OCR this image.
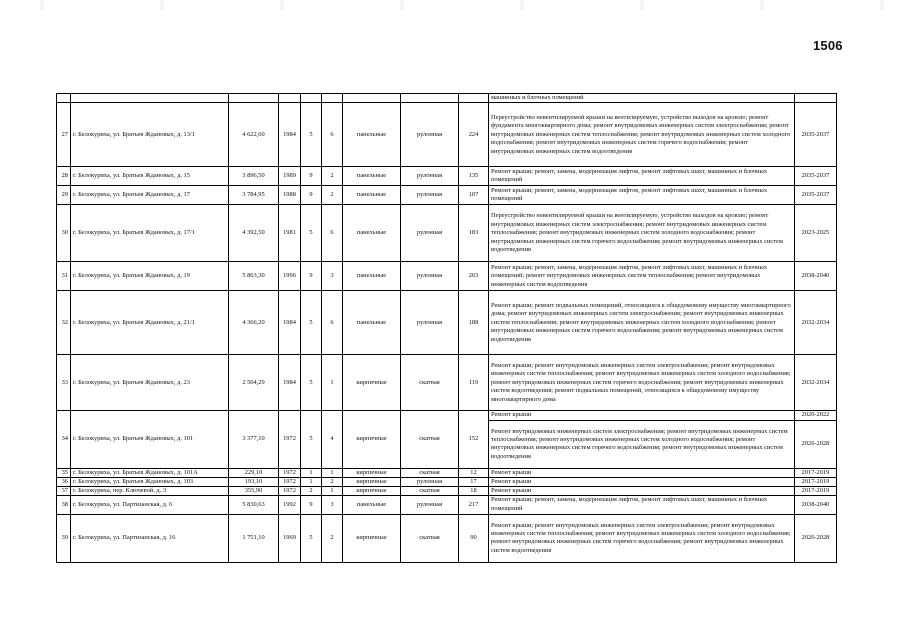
1506
									машинных и блочных помещений	
27	г. Белокуриха, ул. Братьев Ждановых, д. 13/1	4 622,60	1984	5	6	панельные	рулонная	224	Переустройство невентилируемой крыши на вентилируемую, устройство выходов на кровлю; ремонт фундамента многоквартирного дома; ремонт внутридомовых инженерных систем электроснабжения; ремонт внутридомовых инженерных систем теплоснабжения; ремонт внутридомовых инженерных систем холодного водоснабжения; ремонт внутридомовых инженерных систем горячего водоснабжения; ремонт внутридомовых инженерных систем водоотведения	2035-2037
28	г. Белокуриха, ул. Братьев Ждановых, д. 15	3 896,50	1989	9	2	панельные	рулонная	135	Ремонт крыши; ремонт, замена, модернизация лифтов, ремонт лифтовых шахт, машинных и блочных помещений	2035-2037
29	г. Белокуриха, ул. Братьев Ждановых, д. 17	3 784,95	1988	9	2	панельные	рулонная	107	Ремонт крыши; ремонт, замена, модернизация лифтов, ремонт лифтовых шахт, машинных и блочных помещений	2035-2037
30	г. Белокуриха, ул. Братьев Ждановых, д. 17/1	4 392,50	1981	5	6	панельные	рулонная	183	Переустройство невентилируемой крыши на вентилируемую, устройство выходов на кровлю; ремонт внутридомовых инженерных систем электроснабжения; ремонт внутридомовых инженерных систем теплоснабжения; ремонт внутридомовых инженерных систем холодного водоснабжения; ремонт внутридомовых инженерных систем горячего водоснабжения; ремонт внутридомовых инженерных систем водоотведения	2023-2025
31	г. Белокуриха, ул. Братьев Ждановых, д. 19	5 863,30	1996	9	3	панельные	рулонная	203	Ремонт крыши; ремонт, замена, модернизация лифтов, ремонт лифтовых шахт, машинных и блочных помещений; ремонт внутридомовых инженерных систем теплоснабжения; ремонт внутридомовых инженерных систем водоотведения	2038-2040
32	г. Белокуриха, ул. Братьев Ждановых, д. 21/1	4 366,20	1984	5	6	панельные	рулонная	188	Ремонт крыши; ремонт подвальных помещений, относящихся к общедомовому имуществу многоквартирного дома; ремонт внутридомовых инженерных систем электроснабжения; ремонт внутридомовых инженерных систем теплоснабжения; ремонт внутридомовых инженерных систем холодного водоснабжения; ремонт внутридомовых инженерных систем горячего водоснабжения; ремонт внутридомовых инженерных систем водоотведения	2032-2034
33	г. Белокуриха, ул. Братьев Ждановых, д. 23	2 504,29	1984	5	1	кирпичные	скатная	119	Ремонт крыши; ремонт внутридомовых инженерных систем электроснабжения; ремонт внутридомовых инженерных систем теплоснабжения; ремонт внутридомовых инженерных систем холодного водоснабжения; ремонт внутридомовых инженерных систем горячего водоснабжения; ремонт внутридомовых инженерных систем водоотведения; ремонт подвальных помещений, относящихся к общедомовому имуществу многоквартирного дома	2032-2034
34	г. Белокуриха, ул. Братьев Ждановых, д. 101	3 377,10	1972	5	4	кирпичные	скатная	152	Ремонт крыши	2020-2022
									Ремонт внутридомовых инженерных систем электроснабжения; ремонт внутридомовых инженерных систем теплоснабжения; ремонт внутридомовых инженерных систем холодного водоснабжения; ремонт внутридомовых инженерных систем горячего водоснабжения; ремонт внутридомовых инженерных систем водоотведения	2026-2028
35	г. Белокуриха, ул. Братьев Ждановых, д. 101А	229,10	1972	1	1	кирпичные	скатная	12	Ремонт крыши	2017-2019
36	г. Белокуриха, ул. Братьев Ждановых, д. 103	193,10	1972	1	2	кирпичные	рулонная	17	Ремонт крыши	2017-2019
37	г. Белокуриха, пер. Ключевой, д. 3	355,90	1972	2	1	кирпичные	скатная	18	Ремонт крыши	2017-2019
38	г. Белокуриха, ул. Партизанская, д. 6	5 830,63	1992	9	3	панельные	рулонная	217	Ремонт крыши; ремонт, замена, модернизация лифтов, ремонт лифтовых шахт, машинных и блочных помещений	2038-2040
39	г. Белокуриха, ул. Партизанская, д. 16	1 751,10	1969	5	2	кирпичные	скатная	90	Ремонт крыши; ремонт внутридомовых инженерных систем электроснабжения; ремонт внутридомовых инженерных систем теплоснабжения; ремонт внутридомовых инженерных систем холодного водоснабжения; ремонт внутридомовых инженерных систем горячего водоснабжения; ремонт внутридомовых инженерных систем водоотведения	2026-2028
